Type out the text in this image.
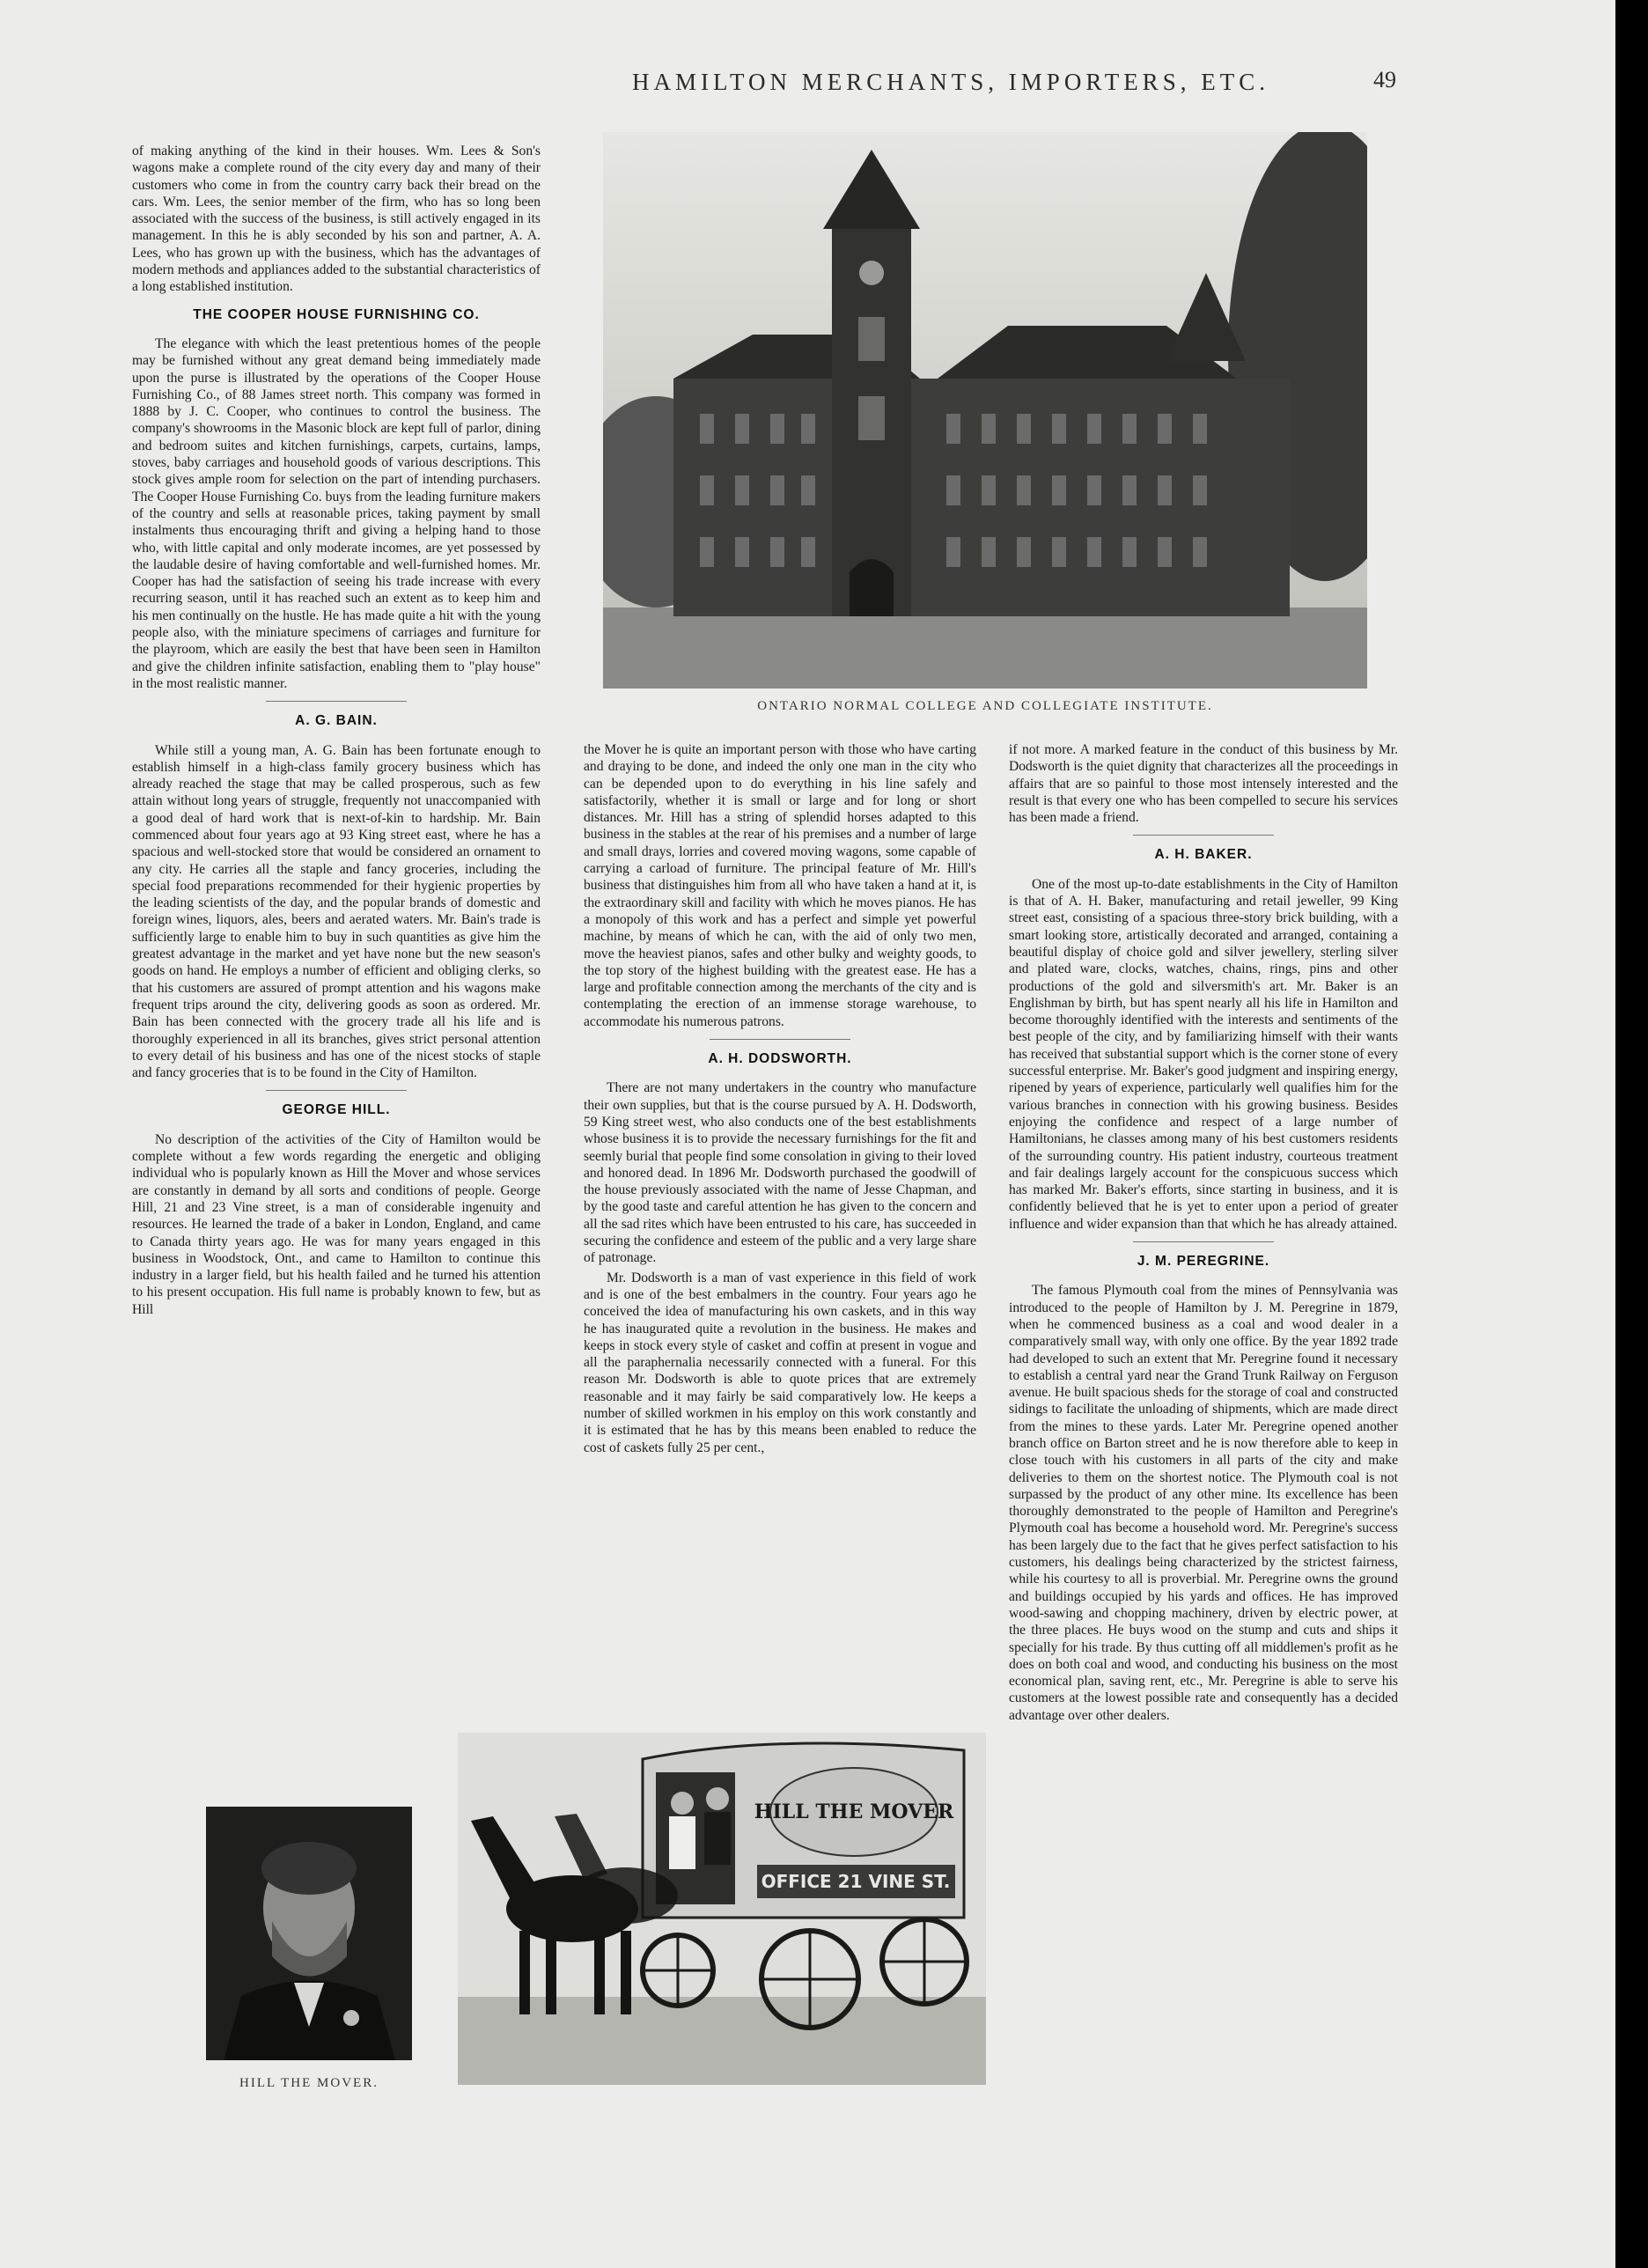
HAMILTON MERCHANTS, IMPORTERS, ETC.	49

of making anything of the kind in their houses. Wm. Lees & Son's wagons make a complete round of the city every day and many of their customers who come in from the country carry back their bread on the cars. Wm. Lees, the senior member of the firm, who has so long been associated with the success of the business, is still actively engaged in its management. In this he is ably seconded by his son and partner, A. A. Lees, who has grown up with the business, which has the advantages of modern methods and appliances added to the substantial characteristics of a long established institution.

THE COOPER HOUSE FURNISHING CO.

The elegance with which the least pretentious homes of the people may be furnished without any great demand being immediately made upon the purse is illustrated by the operations of the Cooper House Furnishing Co., of 88 James street north. This company was formed in 1888 by J. C. Cooper, who continues to control the business. The company's showrooms in the Masonic block are kept full of parlor, dining and bedroom suites and kitchen furnishings, carpets, curtains, lamps, stoves, baby carriages and household goods of various descriptions. This stock gives ample room for selection on the part of intending purchasers. The Cooper House Furnishing Co. buys from the leading furniture makers of the country and sells at reasonable prices, taking payment by small instalments thus encouraging thrift and giving a helping hand to those who, with little capital and only moderate incomes, are yet possessed by the laudable desire of having comfortable and well-furnished homes. Mr. Cooper has had the satisfaction of seeing his trade increase with every recurring season, until it has reached such an extent as to keep him and his men continually on the hustle. He has made quite a hit with the young people also, with the miniature specimens of carriages and furniture for the playroom, which are easily the best that have been seen in Hamilton and give the children infinite satisfaction, enabling them to "play house" in the most realistic manner.

A. G. BAIN.

While still a young man, A. G. Bain has been fortunate enough to establish himself in a high-class family grocery business which has already reached the stage that may be called prosperous, such as few attain without long years of struggle, frequently not unaccompanied with a good deal of hard work that is next-of-kin to hardship. Mr. Bain commenced about four years ago at 93 King street east, where he has a spacious and well-stocked store that would be considered an ornament to any city. He carries all the staple and fancy groceries, including the special food preparations recommended for their hygienic properties by the leading scientists of the day, and the popular brands of domestic and foreign wines, liquors, ales, beers and aerated waters. Mr. Bain's trade is sufficiently large to enable him to buy in such quantities as give him the greatest advantage in the market and yet have none but the new season's goods on hand. He employs a number of efficient and obliging clerks, so that his customers are assured of prompt attention and his wagons make frequent trips around the city, delivering goods as soon as ordered. Mr. Bain has been connected with the grocery trade all his life and is thoroughly experienced in all its branches, gives strict personal attention to every detail of his business and has one of the nicest stocks of staple and fancy groceries that is to be found in the City of Hamilton.

GEORGE HILL.

No description of the activities of the City of Hamilton would be complete without a few words regarding the energetic and obliging individual who is popularly known as Hill the Mover and whose services are constantly in demand by all sorts and conditions of people. George Hill, 21 and 23 Vine street, is a man of considerable ingenuity and resources. He learned the trade of a baker in London, England, and came to Canada thirty years ago. He was for many years engaged in this business in Woodstock, Ont., and came to Hamilton to continue this industry in a larger field, but his health failed and he turned his attention to his present occupation. His full name is probably known to few, but as Hill

ONTARIO NORMAL COLLEGE AND COLLEGIATE INSTITUTE.

the Mover he is quite an important person with those who have carting and draying to be done, and indeed the only one man in the city who can be depended upon to do everything in his line safely and satisfactorily, whether it is small or large and for long or short distances. Mr. Hill has a string of splendid horses adapted to this business in the stables at the rear of his premises and a number of large and small drays, lorries and covered moving wagons, some capable of carrying a carload of furniture. The principal feature of Mr. Hill's business that distinguishes him from all who have taken a hand at it, is the extraordinary skill and facility with which he moves pianos. He has a monopoly of this work and has a perfect and simple yet powerful machine, by means of which he can, with the aid of only two men, move the heaviest pianos, safes and other bulky and weighty goods, to the top story of the highest building with the greatest ease. He has a large and profitable connection among the merchants of the city and is contemplating the erection of an immense storage warehouse, to accommodate his numerous patrons.

A. H. DODSWORTH.

There are not many undertakers in the country who manufacture their own supplies, but that is the course pursued by A. H. Dodsworth, 59 King street west, who also conducts one of the best establishments whose business it is to provide the necessary furnishings for the fit and seemly burial that people find some consolation in giving to their loved and honored dead. In 1896 Mr. Dodsworth purchased the goodwill of the house previously associated with the name of Jesse Chapman, and by the good taste and careful attention he has given to the concern and all the sad rites which have been entrusted to his care, has succeeded in securing the confidence and esteem of the public and a very large share of patronage.

Mr. Dodsworth is a man of vast experience in this field of work and is one of the best embalmers in the country. Four years ago he conceived the idea of manufacturing his own caskets, and in this way he has inaugurated quite a revolution in the business. He makes and keeps in stock every style of casket and coffin at present in vogue and all the paraphernalia necessarily connected with a funeral. For this reason Mr. Dodsworth is able to quote prices that are extremely reasonable and it may fairly be said comparatively low. He keeps a number of skilled workmen in his employ on this work constantly and it is estimated that he has by this means been enabled to reduce the cost of caskets fully 25 per cent.,

if not more. A marked feature in the conduct of this business by Mr. Dodsworth is the quiet dignity that characterizes all the proceedings in affairs that are so painful to those most intensely interested and the result is that every one who has been compelled to secure his services has been made a friend.

A. H. BAKER.

One of the most up-to-date establishments in the City of Hamilton is that of A. H. Baker, manufacturing and retail jeweller, 99 King street east, consisting of a spacious three-story brick building, with a smart looking store, artistically decorated and arranged, containing a beautiful display of choice gold and silver jewellery, sterling silver and plated ware, clocks, watches, chains, rings, pins and other productions of the gold and silversmith's art. Mr. Baker is an Englishman by birth, but has spent nearly all his life in Hamilton and become thoroughly identified with the interests and sentiments of the best people of the city, and by familiarizing himself with their wants has received that substantial support which is the corner stone of every successful enterprise. Mr. Baker's good judgment and inspiring energy, ripened by years of experience, particularly well qualifies him for the various branches in connection with his growing business. Besides enjoying the confidence and respect of a large number of Hamiltonians, he classes among many of his best customers residents of the surrounding country. His patient industry, courteous treatment and fair dealings largely account for the conspicuous success which has marked Mr. Baker's efforts, since starting in business, and it is confidently believed that he is yet to enter upon a period of greater influence and wider expansion than that which he has already attained.

J. M. PEREGRINE.

The famous Plymouth coal from the mines of Pennsylvania was introduced to the people of Hamilton by J. M. Peregrine in 1879, when he commenced business as a coal and wood dealer in a comparatively small way, with only one office. By the year 1892 trade had developed to such an extent that Mr. Peregrine found it necessary to establish a central yard near the Grand Trunk Railway on Ferguson avenue. He built spacious sheds for the storage of coal and constructed sidings to facilitate the unloading of shipments, which are made direct from the mines to these yards. Later Mr. Peregrine opened another branch office on Barton street and he is now therefore able to keep in close touch with his customers in all parts of the city and make deliveries to them on the shortest notice. The Plymouth coal is not surpassed by the product of any other mine. Its excellence has been thoroughly demonstrated to the people of Hamilton and Peregrine's Plymouth coal has become a household word. Mr. Peregrine's success has been largely due to the fact that he gives perfect satisfaction to his customers, his dealings being characterized by the strictest fairness, while his courtesy to all is proverbial. Mr. Peregrine owns the ground and buildings occupied by his yards and offices. He has improved wood-sawing and chopping machinery, driven by electric power, at the three places. He buys wood on the stump and cuts and ships it specially for his trade. By thus cutting off all middlemen's profit as he does on both coal and wood, and conducting his business on the most economical plan, saving rent, etc., Mr. Peregrine is able to serve his customers at the lowest possible rate and consequently has a decided advantage over other dealers.

HILL THE MOVER.
OFFICE 21 VINE ST.
HILL THE MOVER
